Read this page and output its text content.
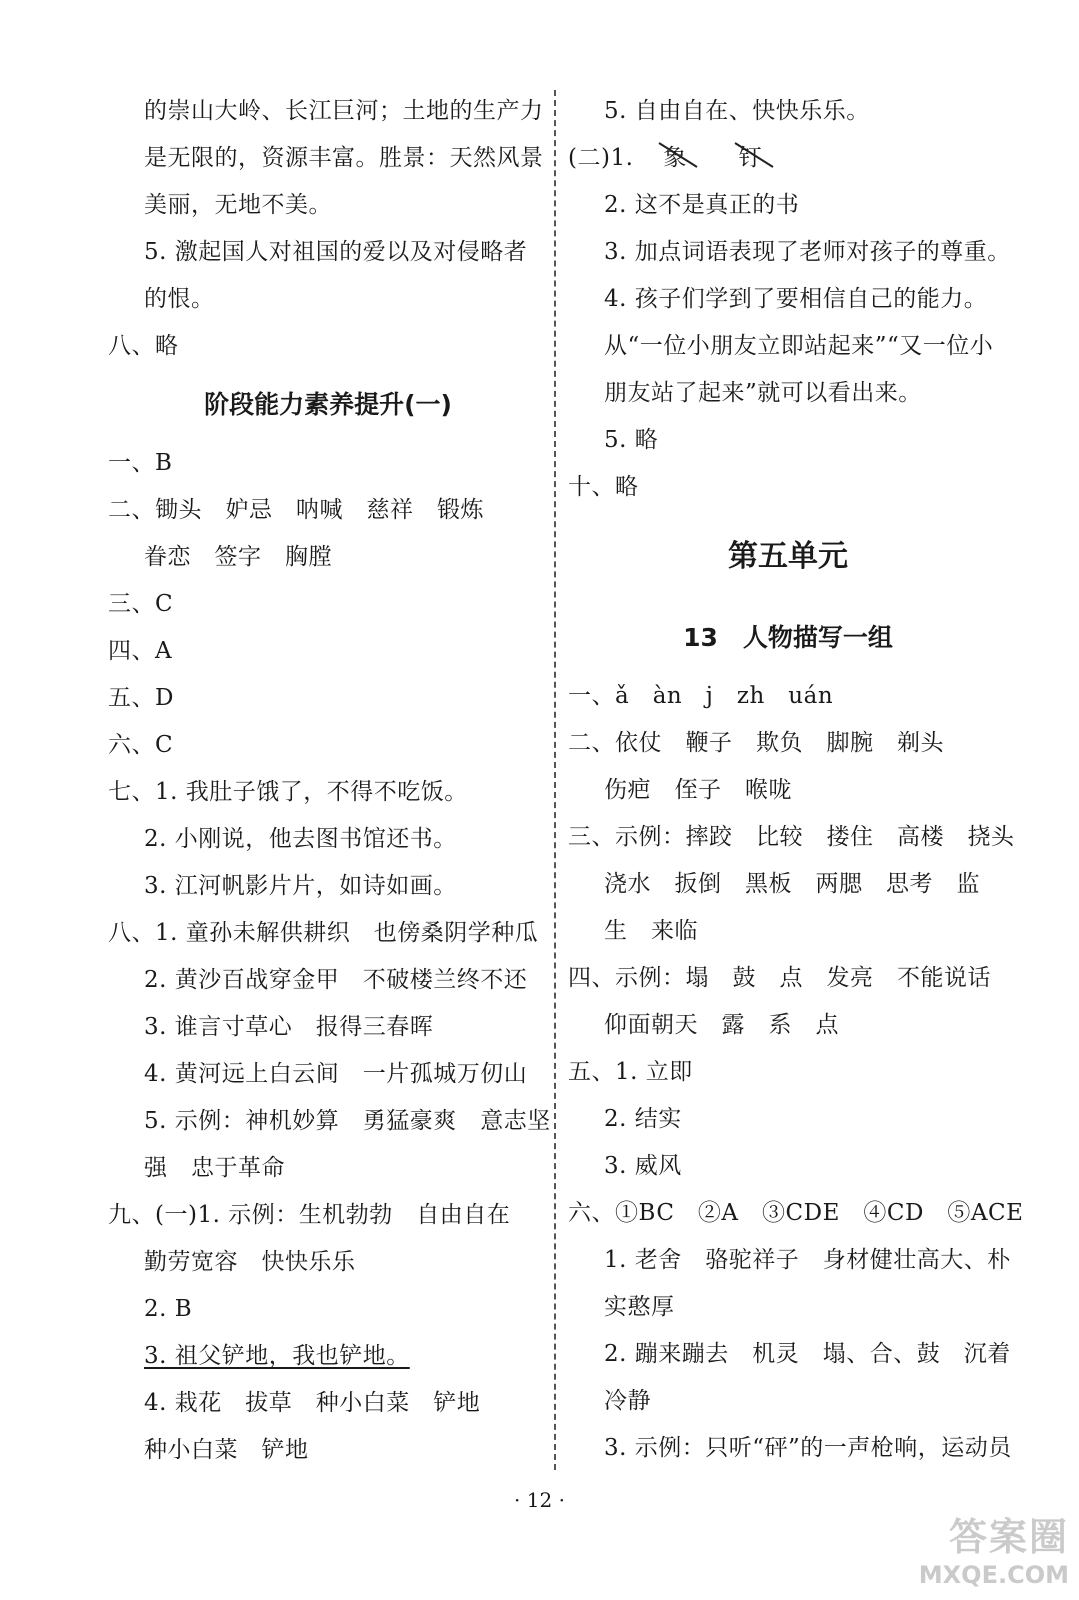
的崇山大岭、长江巨河；土地的生产力
是无限的，资源丰富。胜景：天然风景
美丽，无地不美。
5. 激起国人对祖国的爱以及对侵略者
的恨。
八、略
阶段能力素养提升(一)
一、B
二、锄头　妒忌　呐喊　慈祥　锻炼
眷恋　签字　胸膛
三、C
四、A
五、D
六、C
七、1. 我肚子饿了，不得不吃饭。
2. 小刚说，他去图书馆还书。
3. 江河帆影片片，如诗如画。
八、1. 童孙未解供耕织　也傍桑阴学种瓜
2. 黄沙百战穿金甲　不破楼兰终不还
3. 谁言寸草心　报得三春晖
4. 黄河远上白云间　一片孤城万仞山
5. 示例：神机妙算　勇猛豪爽　意志坚
强　忠于革命
九、(一)1. 示例：生机勃勃　自由自在
勤劳宽容　快快乐乐
2. B
3. 祖父铲地，我也铲地。
4. 栽花　拔草　种小白菜　铲地
种小白菜　铲地
5. 自由自在、快快乐乐。
(二)1. 象 钉
2. 这不是真正的书
3. 加点词语表现了老师对孩子的尊重。
4. 孩子们学到了要相信自己的能力。
从“一位小朋友立即站起来”“又一位小
朋友站了起来”就可以看出来。
5. 略
十、略
第五单元
13　人物描写一组
一、ǎ　àn　j　zh　uán
二、依仗　鞭子　欺负　脚腕　剃头
伤疤　侄子　喉咙
三、示例：摔跤　比较　搂住　高楼　挠头
浇水　扳倒　黑板　两腮　思考　监
生　来临
四、示例：塌　鼓　点　发亮　不能说话
仰面朝天　露　系　点
五、1. 立即
2. 结实
3. 威风
六、①BC　②A　③CDE　④CD　⑤ACE
1. 老舍　骆驼祥子　身材健壮高大、朴
实憨厚
2. 蹦来蹦去　机灵　塌、合、鼓　沉着
冷静
3. 示例：只听“砰”的一声枪响，运动员
· 12 ·
答案圈
MXQE.COM
